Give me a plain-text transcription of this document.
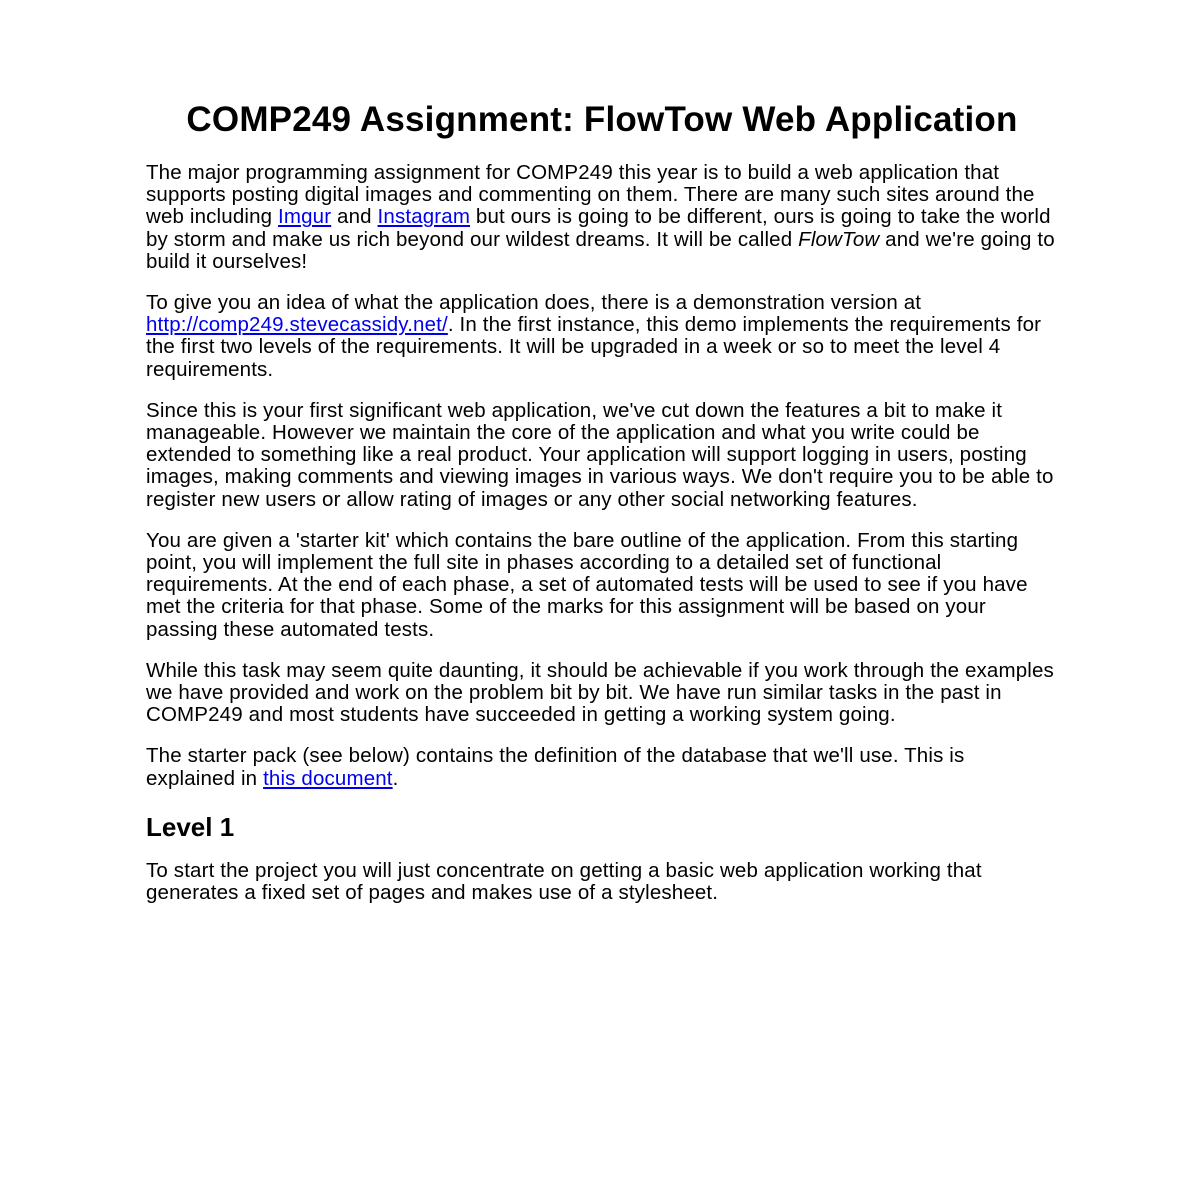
COMP249 Assignment: FlowTow Web Application

The major programming assignment for COMP249 this year is to build a web application that supports posting digital images and commenting on them. There are many such sites around the web including Imgur and Instagram but ours is going to be different, ours is going to take the world by storm and make us rich beyond our wildest dreams. It will be called FlowTow and we're going to build it ourselves!

To give you an idea of what the application does, there is a demonstration version at http://comp249.stevecassidy.net/. In the first instance, this demo implements the requirements for the first two levels of the requirements. It will be upgraded in a week or so to meet the level 4 requirements.

Since this is your first significant web application, we've cut down the features a bit to make it manageable. However we maintain the core of the application and what you write could be extended to something like a real product. Your application will support logging in users, posting images, making comments and viewing images in various ways. We don't require you to be able to register new users or allow rating of images or any other social networking features.

You are given a 'starter kit' which contains the bare outline of the application. From this starting point, you will implement the full site in phases according to a detailed set of functional requirements. At the end of each phase, a set of automated tests will be used to see if you have met the criteria for that phase. Some of the marks for this assignment will be based on your passing these automated tests.

While this task may seem quite daunting, it should be achievable if you work through the examples we have provided and work on the problem bit by bit. We have run similar tasks in the past in COMP249 and most students have succeeded in getting a working system going.

The starter pack (see below) contains the definition of the database that we'll use. This is explained in this document.

Level 1

To start the project you will just concentrate on getting a basic web application working that generates a fixed set of pages and makes use of a stylesheet.
